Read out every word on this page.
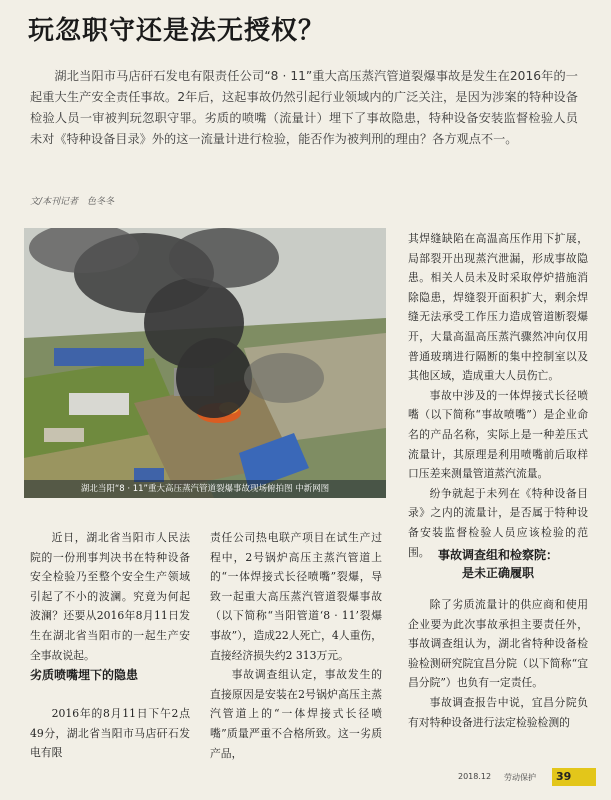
玩忽职守还是法无授权？
湖北当阳市马店矸石发电有限责任公司“8 · 11”重大高压蒸汽管道裂爆事故是发生在2016年的一起重大生产安全责任事故。2年后，这起事故仍然引起行业领域内的广泛关注，是因为涉案的特种设备检验人员一审被判玩忽职守罪。劣质的喷嘴（流量计）埋下了事故隐患，特种设备安装监督检验人员未对《特种设备目录》外的这一流量计进行检验，能否作为被判刑的理由？各方观点不一。
文/本刊记者　色冬冬
湖北当阳“8 · 11”重大高压蒸汽管道裂爆事故现场俯拍图 中新网图

其焊缝缺陷在高温高压作用下扩展，局部裂开出现蒸汽泄漏，形成事故隐患。相关人员未及时采取停炉措施消除隐患，焊缝裂开面积扩大，剩余焊缝无法承受工作压力造成管道断裂爆开，大量高温高压蒸汽骤然冲向仅用普通玻璃进行隔断的集中控制室以及其他区域，造成重大人员伤亡。

事故中涉及的一体焊接式长径喷嘴（以下简称“事故喷嘴”）是企业命名的产品名称，实际上是一种差压式流量计，其原理是利用喷嘴前后取样口压差来测量管道蒸汽流量。

纷争就起于未列在《特种设备目录》之内的流量计，是否属于特种设备安装监督检验人员应该检验的范围。

近日，湖北省当阳市人民法院的一份刑事判决书在特种设备安全检验乃至整个安全生产领域引起了不小的波澜。究竟为何起波澜？还要从2016年8月11日发生在湖北省当阳市的一起生产安全事故说起。

劣质喷嘴埋下的隐患

2016年的8月11日下午2点49分，湖北省当阳市马店矸石发电有限

责任公司热电联产项目在试生产过程中，2号锅炉高压主蒸汽管道上的“一体焊接式长径喷嘴”裂爆，导致一起重大高压蒸汽管道裂爆事故（以下简称“当阳管道‘8 · 11’裂爆事故”），造成22人死亡，4人重伤，直接经济损失约2 313万元。

事故调查组认定，事故发生的直接原因是安装在2号锅炉高压主蒸汽管道上的“一体焊接式长径喷嘴”质量严重不合格所致。这一劣质产品，

事故调查组和检察院：
是未正确履职

除了劣质流量计的供应商和使用企业要为此次事故承担主要责任外，事故调查组认为，湖北省特种设备检验检测研究院宜昌分院（以下简称“宜昌分院”）也负有一定责任。

事故调查报告中说，宜昌分院负有对特种设备进行法定检验检测的

2018.12 劳动保护	39
